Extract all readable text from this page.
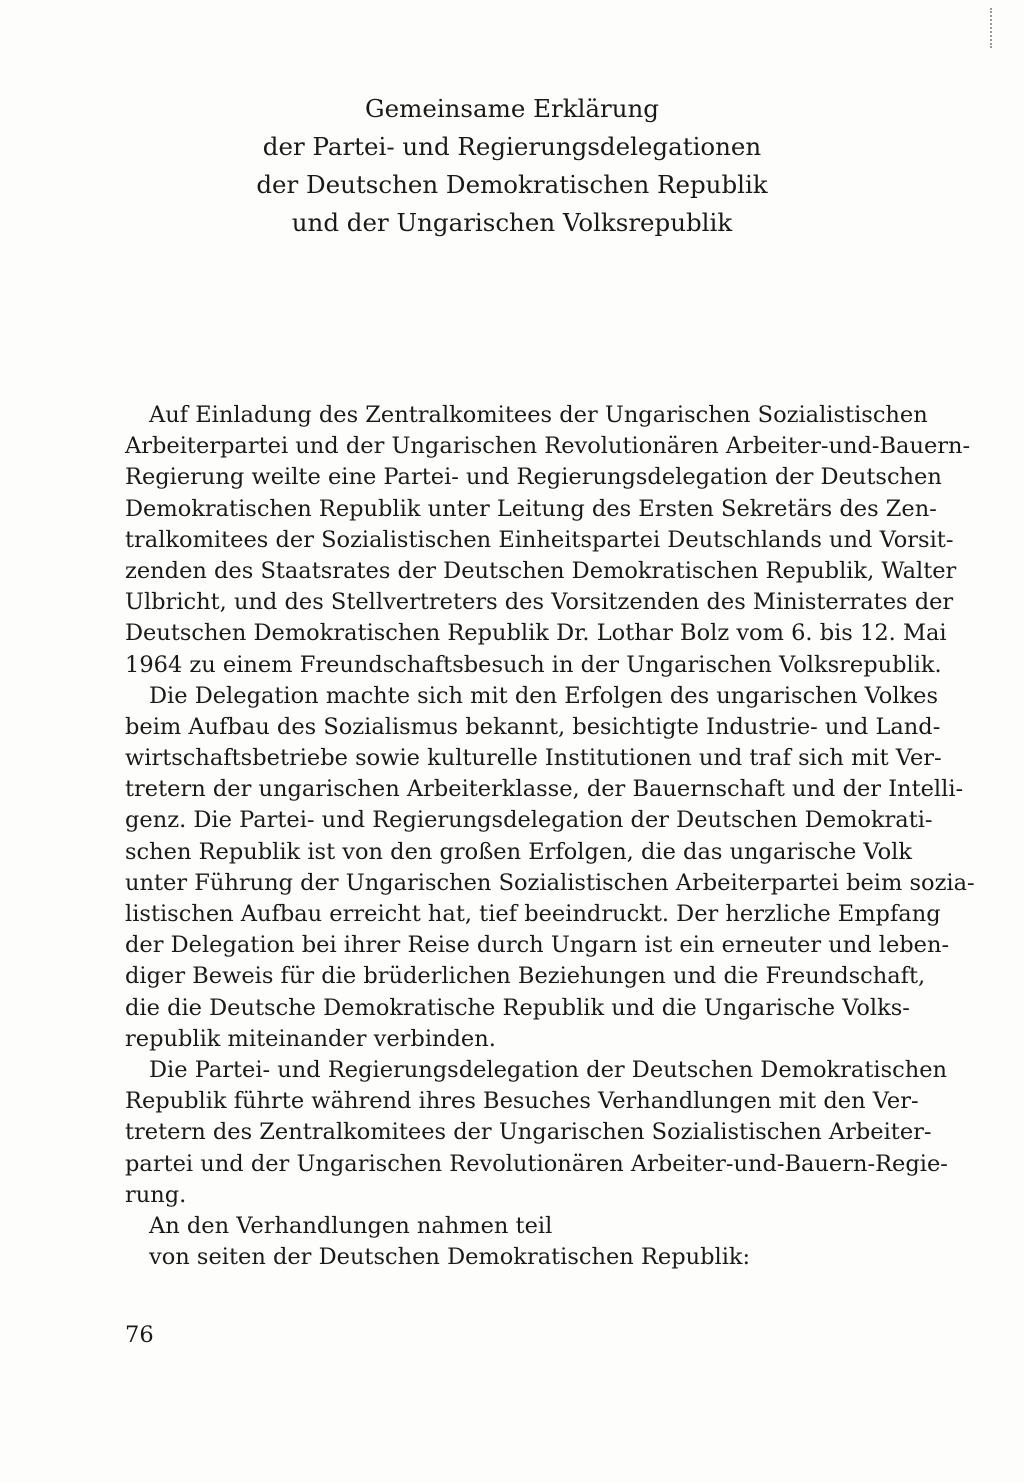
Gemeinsame Erklärung
der Partei- und Regierungsdelegationen
der Deutschen Demokratischen Republik
und der Ungarischen Volksrepublik
Auf Einladung des Zentralkomitees der Ungarischen Sozialistischen
Arbeiterpartei und der Ungarischen Revolutionären Arbeiter-und-Bauern-
Regierung weilte eine Partei- und Regierungsdelegation der Deutschen
Demokratischen Republik unter Leitung des Ersten Sekretärs des Zen-
tralkomitees der Sozialistischen Einheitspartei Deutschlands und Vorsit-
zenden des Staatsrates der Deutschen Demokratischen Republik, Walter
Ulbricht, und des Stellvertreters des Vorsitzenden des Ministerrates der
Deutschen Demokratischen Republik Dr. Lothar Bolz vom 6. bis 12. Mai
1964 zu einem Freundschaftsbesuch in der Ungarischen Volksrepublik.
Die Delegation machte sich mit den Erfolgen des ungarischen Volkes
beim Aufbau des Sozialismus bekannt, besichtigte Industrie- und Land-
wirtschaftsbetriebe sowie kulturelle Institutionen und traf sich mit Ver-
tretern der ungarischen Arbeiterklasse, der Bauernschaft und der Intelli-
genz. Die Partei- und Regierungsdelegation der Deutschen Demokrati-
schen Republik ist von den großen Erfolgen, die das ungarische Volk
unter Führung der Ungarischen Sozialistischen Arbeiterpartei beim sozia-
listischen Aufbau erreicht hat, tief beeindruckt. Der herzliche Empfang
der Delegation bei ihrer Reise durch Ungarn ist ein erneuter und leben-
diger Beweis für die brüderlichen Beziehungen und die Freundschaft,
die die Deutsche Demokratische Republik und die Ungarische Volks-
republik miteinander verbinden.
Die Partei- und Regierungsdelegation der Deutschen Demokratischen
Republik führte während ihres Besuches Verhandlungen mit den Ver-
tretern des Zentralkomitees der Ungarischen Sozialistischen Arbeiter-
partei und der Ungarischen Revolutionären Arbeiter-und-Bauern-Regie-
rung.
An den Verhandlungen nahmen teil
von seiten der Deutschen Demokratischen Republik:
76
